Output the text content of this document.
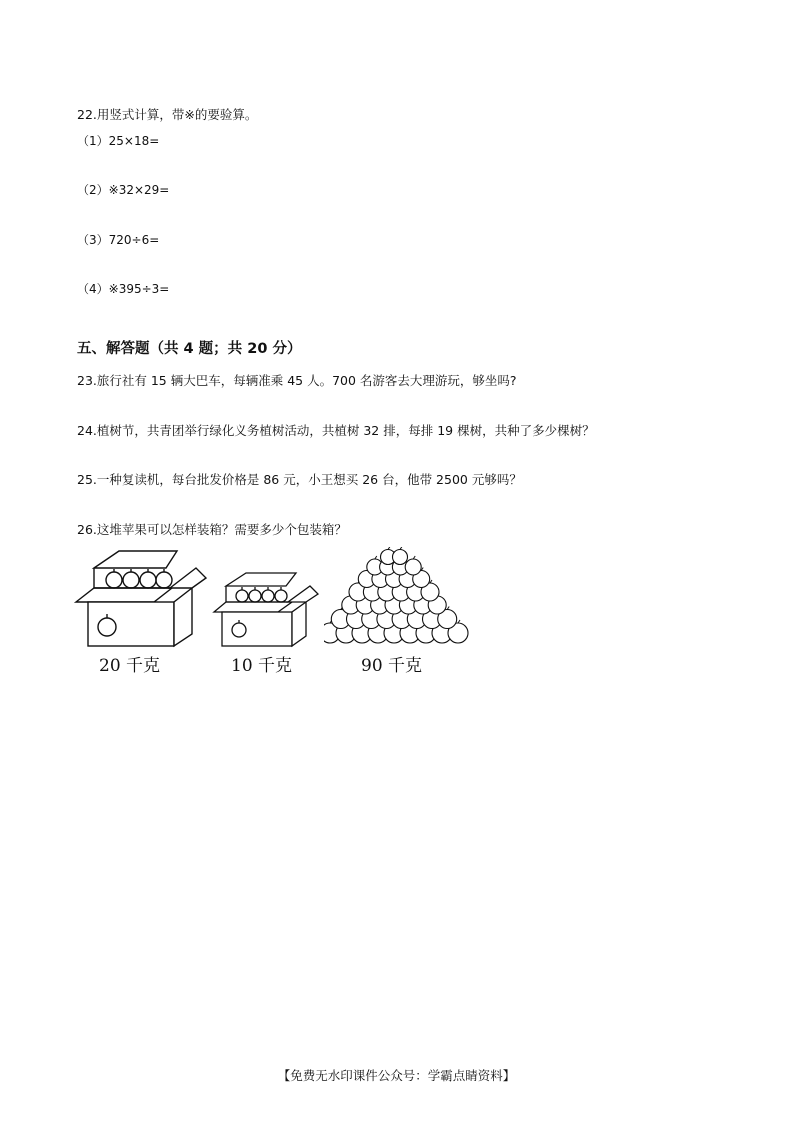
22.用竖式计算，带※的要验算。
（1）25×18=
（2）※32×29=
（3）720÷6=
（4）※395÷3=
五、解答题（共 4 题；共 20 分）
23.旅行社有 15 辆大巴车，每辆准乘 45 人。700 名游客去大理游玩，够坐吗?
24.植树节，共青团举行绿化义务植树活动，共植树 32 排，每排 19 棵树，共种了多少棵树？
25.一种复读机，每台批发价格是 86 元，小王想买 26 台，他带 2500 元够吗？
26.这堆苹果可以怎样装箱？需要多少个包装箱？
20 千克	10 千克	90 千克
【免费无水印课件公众号：学霸点睛资料】
